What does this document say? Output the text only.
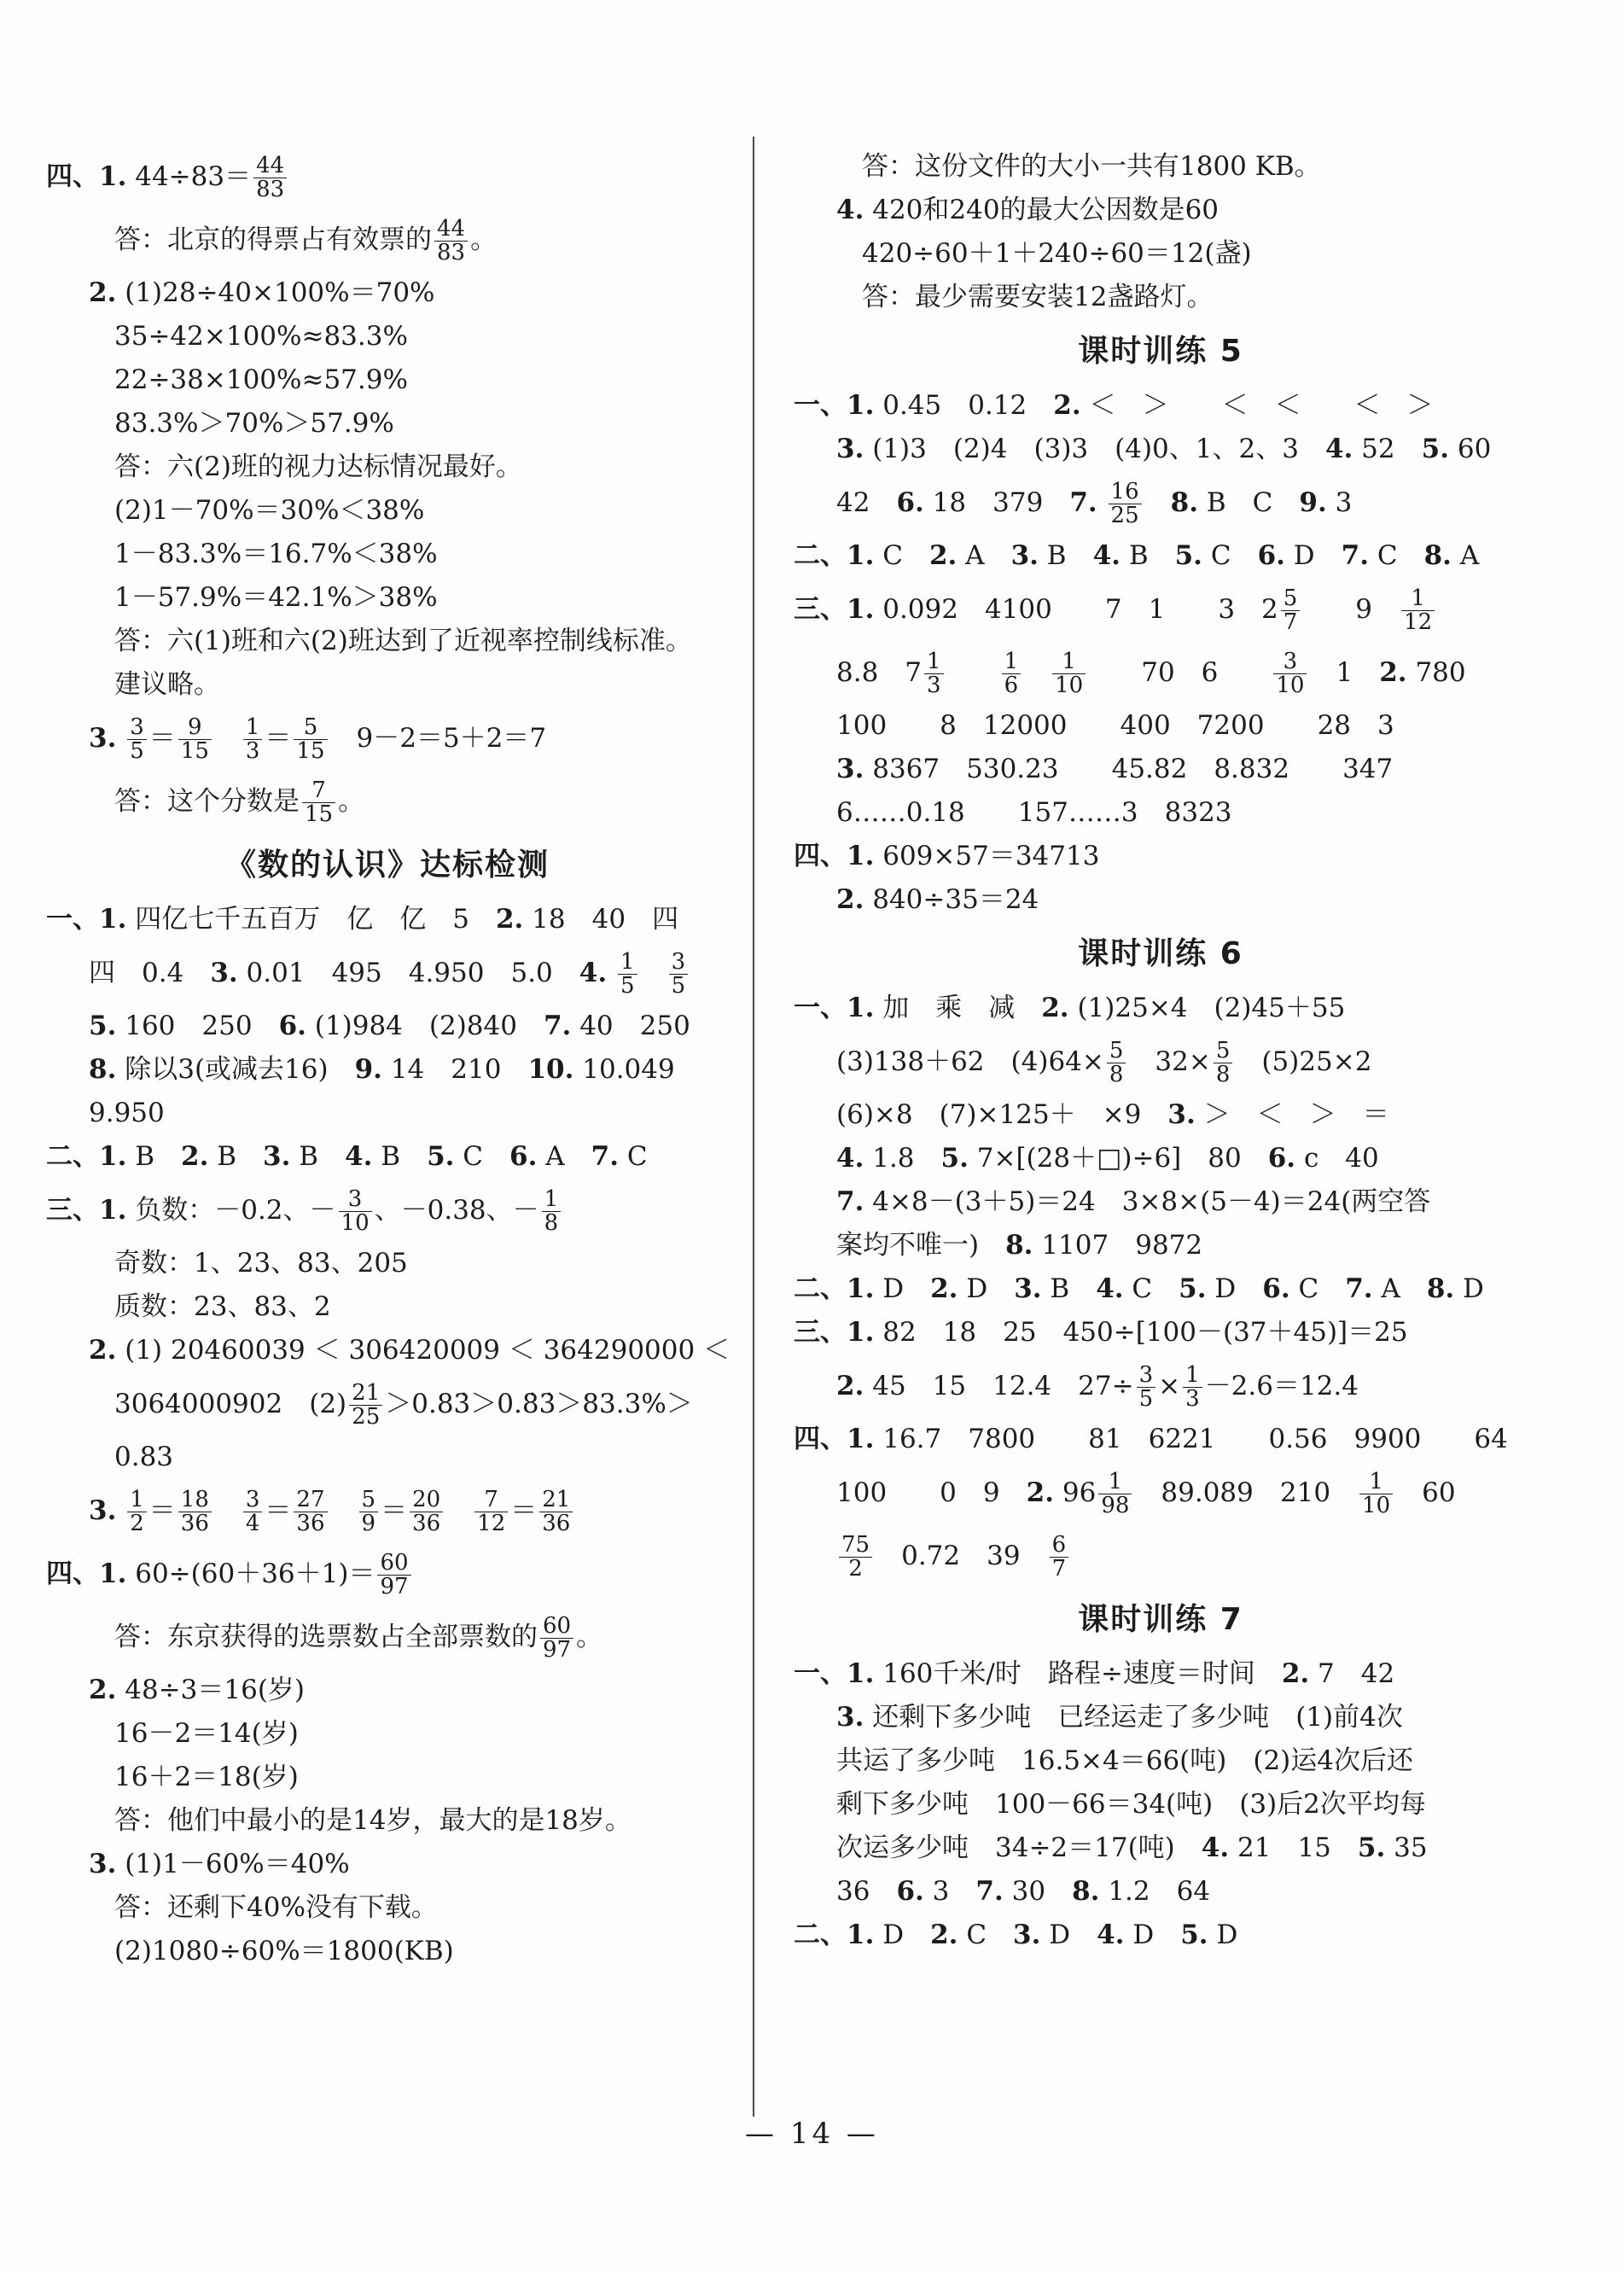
四、1. $44\div 83= \frac{44}{83}$
答：北京的得票占有效票的 $\frac{44}{83}$ 。
2. (1)28÷40×100%＝70%
35÷42×100%≈83.3%
22÷38×100%≈57.9%
83.3%＞70%＞57.9%
答：六(2)班的视力达标情况最好。
(2)1－70%＝30%＜38%
1－83.3%＝16.7%＜38%
1－57.9%＝42.1%＞38%
答：六(1)班和六(2)班达到了近视率控制线标准。
建议略。
3. $\frac{3}{5} = \frac{9}{15}$
　 $\frac{1}{3} = \frac{5}{15}$ 　9－2＝5＋2＝7
答：这个分数是 $\frac{7}{15}$ 。
《数的认识》达标检测
一、1. 四亿七千五百万　亿　亿　5　2. 18　40　四
四　0.4　3. 0.01　495　4.950　5.0　4. $\frac{1}{5}$
　 $\frac{3}{5}$
5. 160　250　6. (1)984　(2)840　7. 40　250
8. 除以3(或减去16)　9. 14　210　10. 10.049
9.950
二、1. B　2. B　3. B　4. B　5. C　6. A　7. C
三、1. 负数：－0.2、－ $\frac{3}{10}$ 、－0.38、－ $\frac{1}{8}$
奇数：1、23、83、205
质数：23、83、2
2. (1) 20460039 ＜ 306420009 ＜ 364290000 ＜
3064000902　$(2) \frac{21}{25}$ ＞0.83̇＞0.8̇3̇＞83.3%＞
0.83
3. $\frac{1}{2} = \frac{18}{36}$
　 $\frac{3}{4} = \frac{27}{36}$
　 $\frac{5}{9} = \frac{20}{36}$
　 $\frac{7}{12} = \frac{21}{36}$
四、1. $60\div(60+36+1)= \frac{60}{97}$
答：东京获得的选票数占全部票数的 $\frac{60}{97}$ 。
2. 48÷3＝16(岁)
16－2＝14(岁)
16＋2＝18(岁)
答：他们中最小的是14岁，最大的是18岁。
3. (1)1－60%＝40%
答：还剩下40%没有下载。
(2)1080÷60%＝1800(KB)
答：这份文件的大小一共有1800 KB。
4. 420和240的最大公因数是60
420÷60＋1＋240÷60＝12(盏)
答：最少需要安装12盏路灯。
课时训练 5
一、1. 0.45　0.12　2. ＜　＞　　＜　＜　　＜　＞
3. (1)3　(2)4　(3)3　(4)0、1、2、3　4. 52　5. 60
42　6. 18　379　7. $\frac{16}{25}$
　 8. B　C　9. 3
二、1. C　2. A　3. B　4. B　5. C　6. D　7. C　8. A
三、1. 0.092　4100　　7　1　　3　$2 \frac{5}{7}$ 　　9　 $\frac{1}{12}$
8.8　$7 \frac{1}{3}$
　　	$\frac{1}{6}$
　 $\frac{1}{10}$ 　　70　6　　 $\frac{3}{10}$ 　1　2. 780
100　　8　12000　　400　7200　　28　3
3. 8367　530.23　　45.82　8.832　　347
6……0.18　　157……3　8323
四、1. 609×57＝34713
2. 840÷35＝24
课时训练 6
一、1. 加　乘　减　2. (1)25×4　(2)45＋55
(3)138＋62　$(4)64\times \frac{5}{8}$ 　$32\times \frac{5}{8}$ 　(5)25×2
(6)×8　(7)×125＋　×9　3. ＞　＜　＞　＝
4. 1.8　5. 7×[(28＋□)÷6]　80　6. c　40
7. 4×8－(3＋5)＝24　3×8×(5－4)＝24(两空答
案均不唯一)　8. 1107　9872
二、1. D　2. D　3. B　4. C　5. D　6. C　7. A　8. D
三、1. 82　18　25　450÷[100－(37＋45)]＝25
2. 45　15　12.4　$27\div \frac{3}{5} \times \frac{1}{3} -2.6=12.4$
四、1. 16.7　7800　　81　6221　　0.56　9900　　64
100　　0　9　2. $96 \frac{1}{98}$ 　89.089　210　 $\frac{1}{10}$ 　60
$\frac{75}{2}$ 　0.72　39　 $\frac{6}{7}$
课时训练 7
一、1. 160千米/时　路程÷速度＝时间　2. 7　42
3. 还剩下多少吨　已经运走了多少吨　(1)前4次
共运了多少吨　16.5×4＝66(吨)　(2)运4次后还
剩下多少吨　100－66＝34(吨)　(3)后2次平均每
次运多少吨　34÷2＝17(吨)　4. 21　15　5. 35
36　6. 3　7. 30　8. 1.2　64
二、1. D　2. C　3. D　4. D　5. D
— 14 —
